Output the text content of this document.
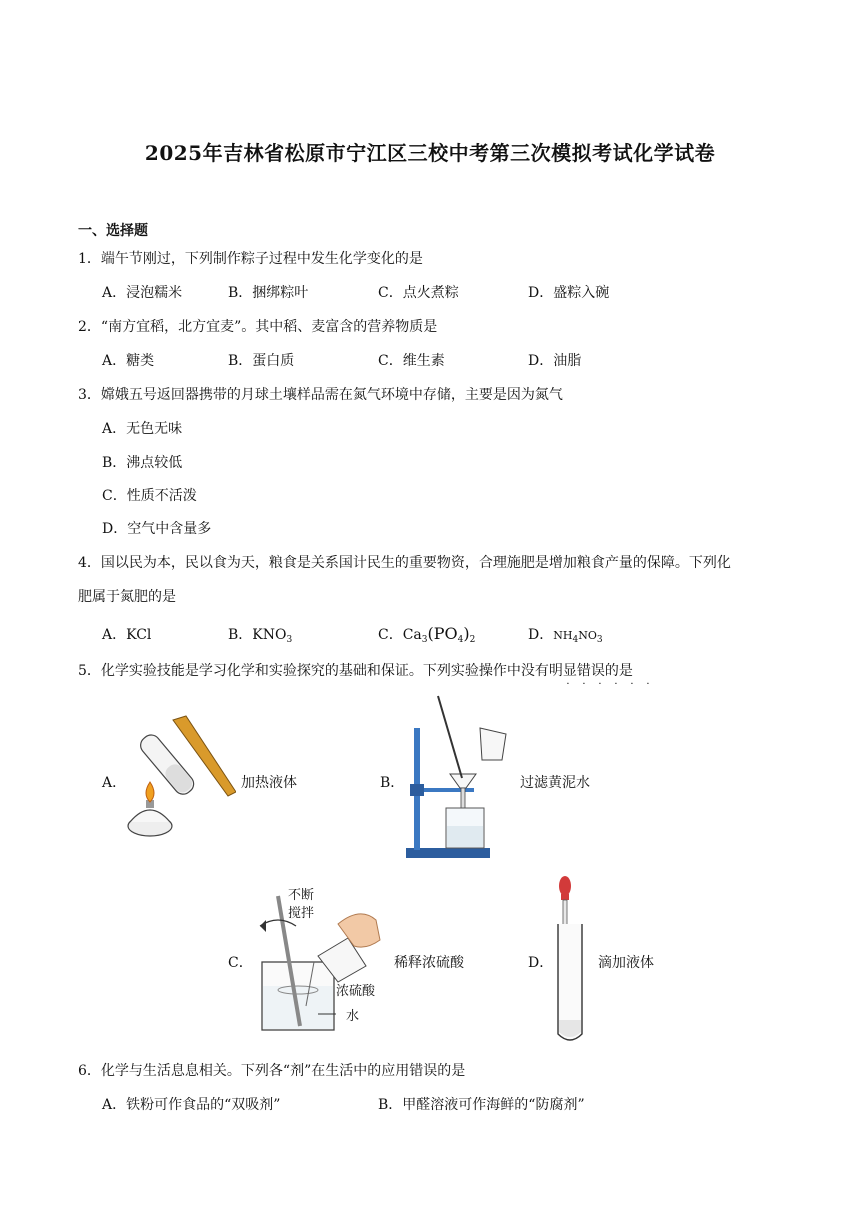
2025年吉林省松原市宁江区三校中考第三次模拟考试化学试卷
一、选择题
1．端午节刚过，下列制作粽子过程中发生化学变化的是
A．浸泡糯米	B．捆绑粽叶	C．点火煮粽	D．盛粽入碗
2．“南方宜稻，北方宜麦”。其中稻、麦富含的营养物质是
A．糖类	B．蛋白质	C．维生素	D．油脂
3．嫦娥五号返回器携带的月球土壤样品需在氮气环境中存储，主要是因为氮气
A．无色无味
B．沸点较低
C．性质不活泼
D．空气中含量多
4．国以民为本，民以食为天，粮食是关系国计民生的重要物资，合理施肥是增加粮食产量的保障。下列化
肥属于氮肥的是
A．KCl	B．$KNO_3$	C．$Ca_3(PO_4)_2$	D．$NH_4NO_3$
5．化学实验技能是学习化学和实验探究的基础和保证。下列实验操作中没有明显错误的是
· · · · · ·
A．	加热液体	B．	过滤黄泥水
C．
不断
搅拌
浓硫酸
水
稀释浓硫酸	D．	滴加液体
6．化学与生活息息相关。下列各“剂”在生活中的应用错误的是
A．铁粉可作食品的“双吸剂”	B．甲醛溶液可作海鲜的“防腐剂”
